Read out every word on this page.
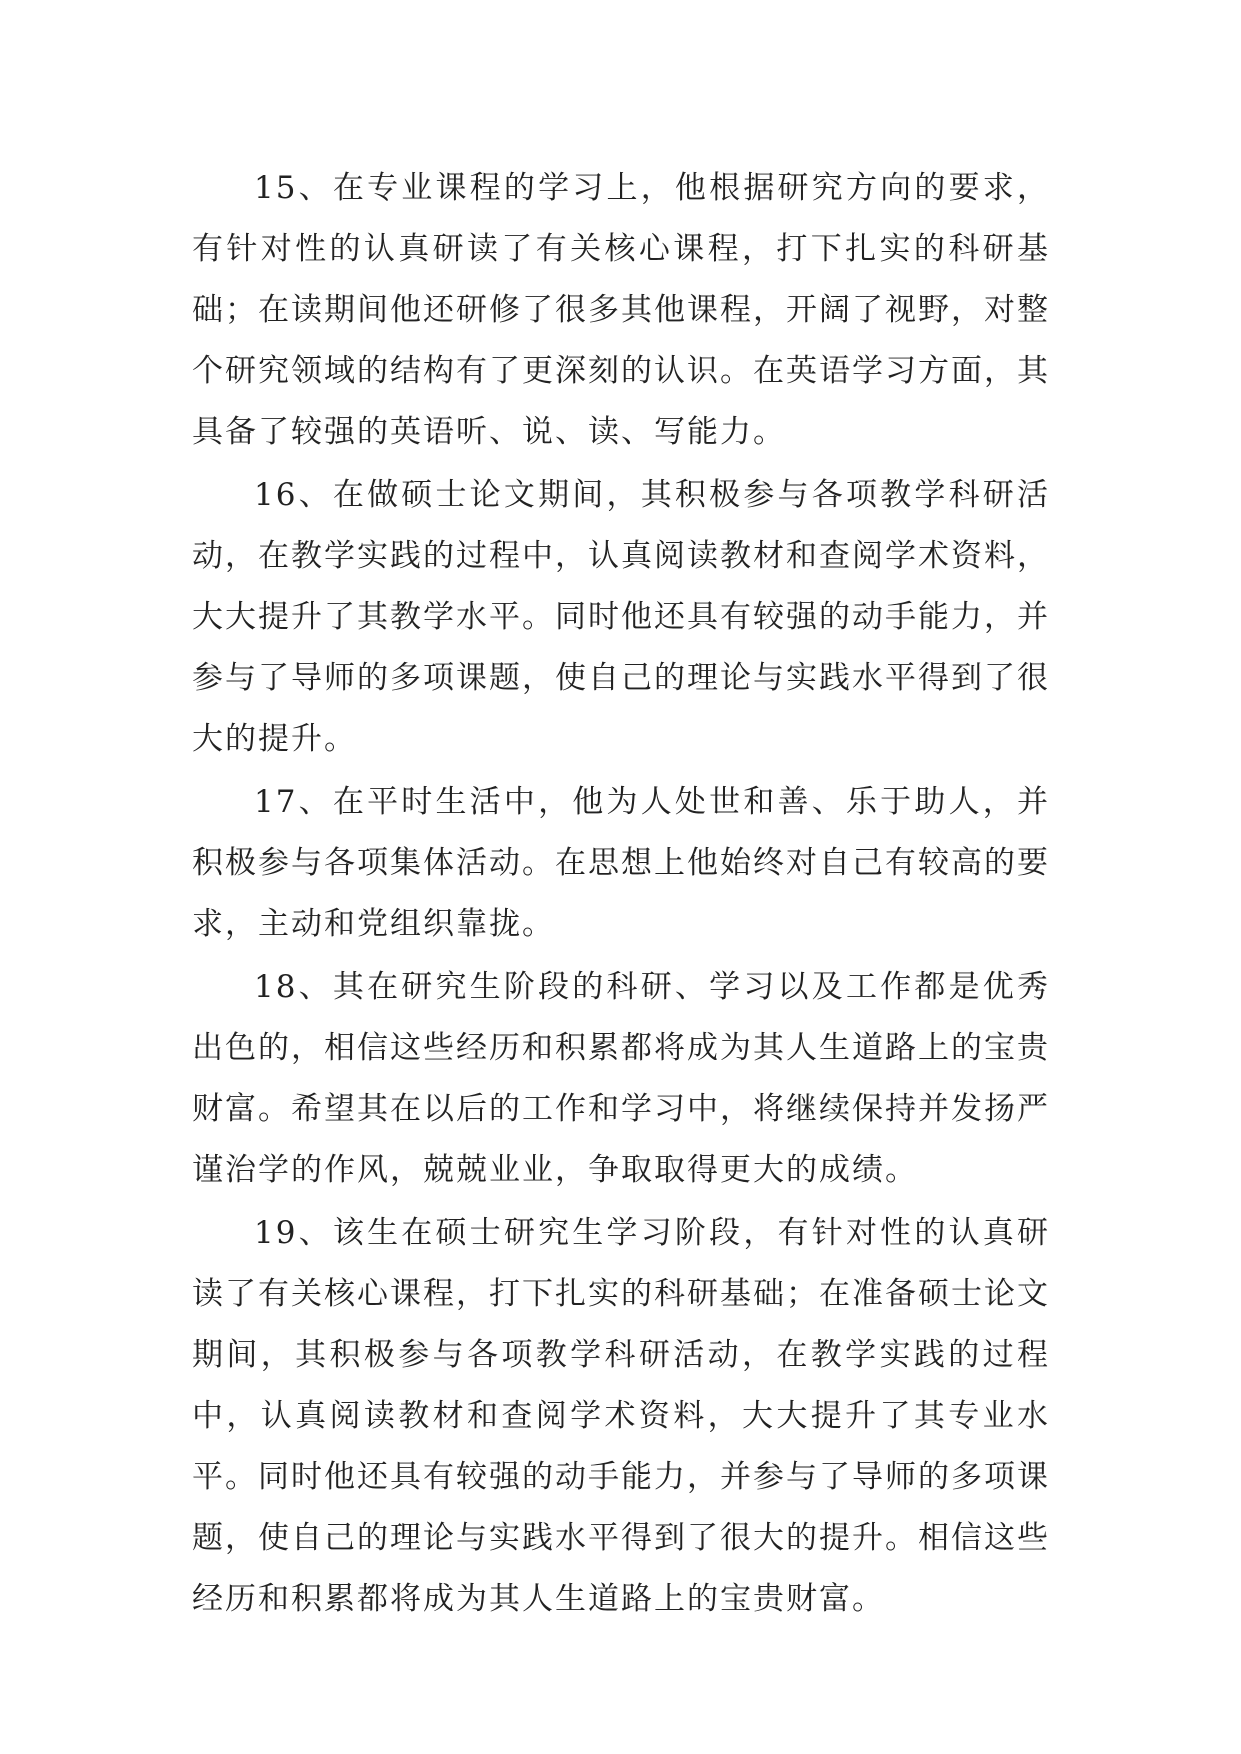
15、在专业课程的学习上，他根据研究方向的要求，有针对性的认真研读了有关核心课程，打下扎实的科研基础；在读期间他还研修了很多其他课程，开阔了视野，对整个研究领域的结构有了更深刻的认识。在英语学习方面，其具备了较强的英语听、说、读、写能力。

16、在做硕士论文期间，其积极参与各项教学科研活动，在教学实践的过程中，认真阅读教材和查阅学术资料，大大提升了其教学水平。同时他还具有较强的动手能力，并参与了导师的多项课题，使自己的理论与实践水平得到了很大的提升。

17、在平时生活中，他为人处世和善、乐于助人，并积极参与各项集体活动。在思想上他始终对自己有较高的要求，主动和党组织靠拢。

18、其在研究生阶段的科研、学习以及工作都是优秀出色的，相信这些经历和积累都将成为其人生道路上的宝贵财富。希望其在以后的工作和学习中，将继续保持并发扬严谨治学的作风，兢兢业业，争取取得更大的成绩。

19、该生在硕士研究生学习阶段，有针对性的认真研读了有关核心课程，打下扎实的科研基础；在准备硕士论文期间，其积极参与各项教学科研活动，在教学实践的过程中，认真阅读教材和查阅学术资料，大大提升了其专业水平。同时他还具有较强的动手能力，并参与了导师的多项课题，使自己的理论与实践水平得到了很大的提升。相信这些经历和积累都将成为其人生道路上的宝贵财富。
